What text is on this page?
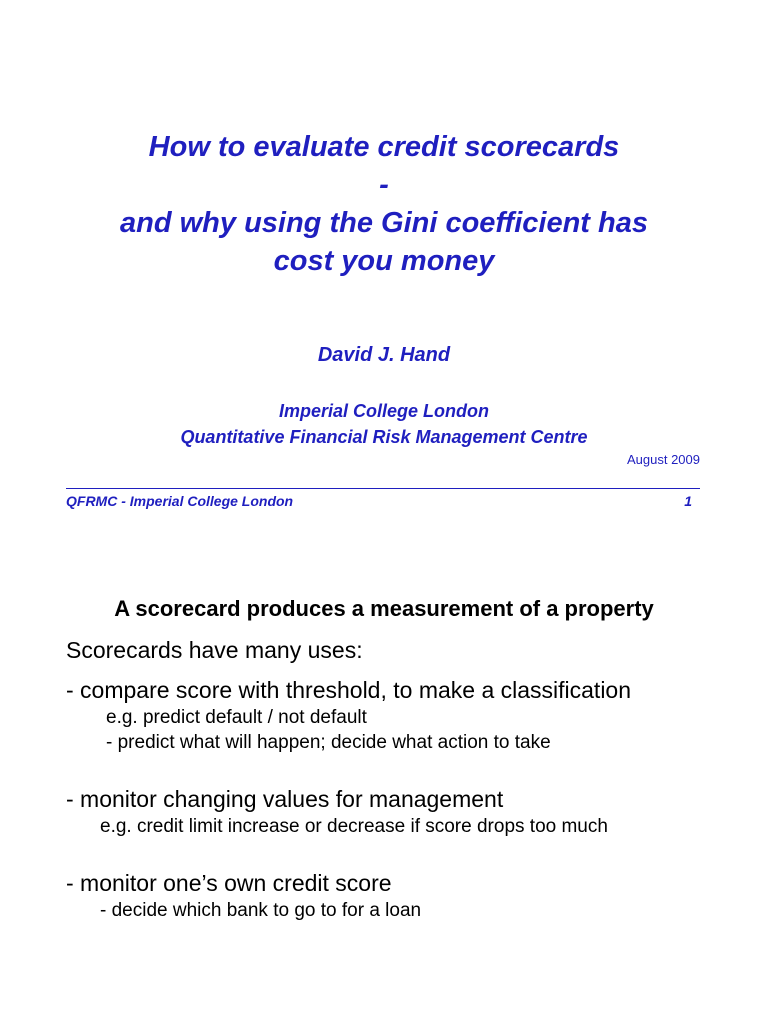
How to evaluate credit scorecards
-
and why using the Gini coefficient has
cost you money
David J. Hand
Imperial College London
Quantitative Financial Risk Management Centre
August 2009
QFRMC - Imperial College London	1
A scorecard produces a measurement of a property
Scorecards have many uses:
- compare score with threshold, to make a classification
e.g. predict default / not default
- predict what will happen; decide what action to take
- monitor changing values for management
e.g. credit limit increase or decrease if score drops too much
- monitor one’s own credit score
- decide which bank to go to for a loan
